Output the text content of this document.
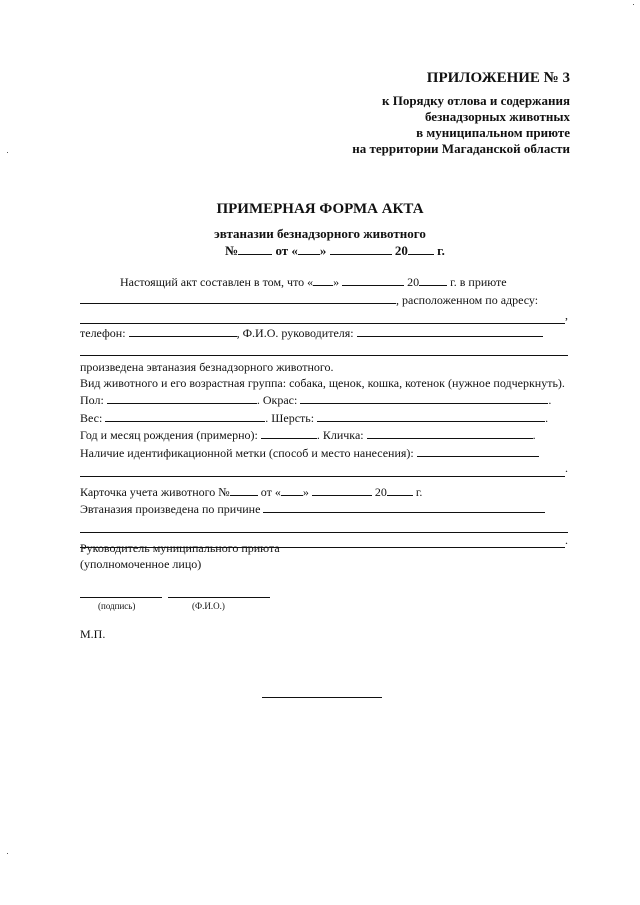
ПРИЛОЖЕНИЕ № 3
к Порядку отлова и содержания
безнадзорных животных
в муниципальном приюте
на территории Магаданской области
ПРИМЕРНАЯ ФОРМА АКТА
эвтаназии безнадзорного животного
№	от « »	20 г.
Настоящий акт составлен в том, что « »	20	г. в приюте
, расположенном по адресу:
,
телефон:	, Ф.И.О. руководителя:
произведена эвтаназия безнадзорного животного.
Вид животного и его возрастная группа: собака, щенок, кошка, котенок (нужное подчеркнуть).
Пол:	. Окрас:	.
Вес:	. Шерсть:	.
Год и месяц рождения (примерно):	. Кличка:	.
Наличие идентификационной метки (способ и место нанесения):
.
Карточка учета животного №	от « »	20 г.
Эвтаназия произведена по причине
.
Руководитель муниципального приюта
(уполномоченное лицо)
(подпись)	(Ф.И.О.)
М.П.
